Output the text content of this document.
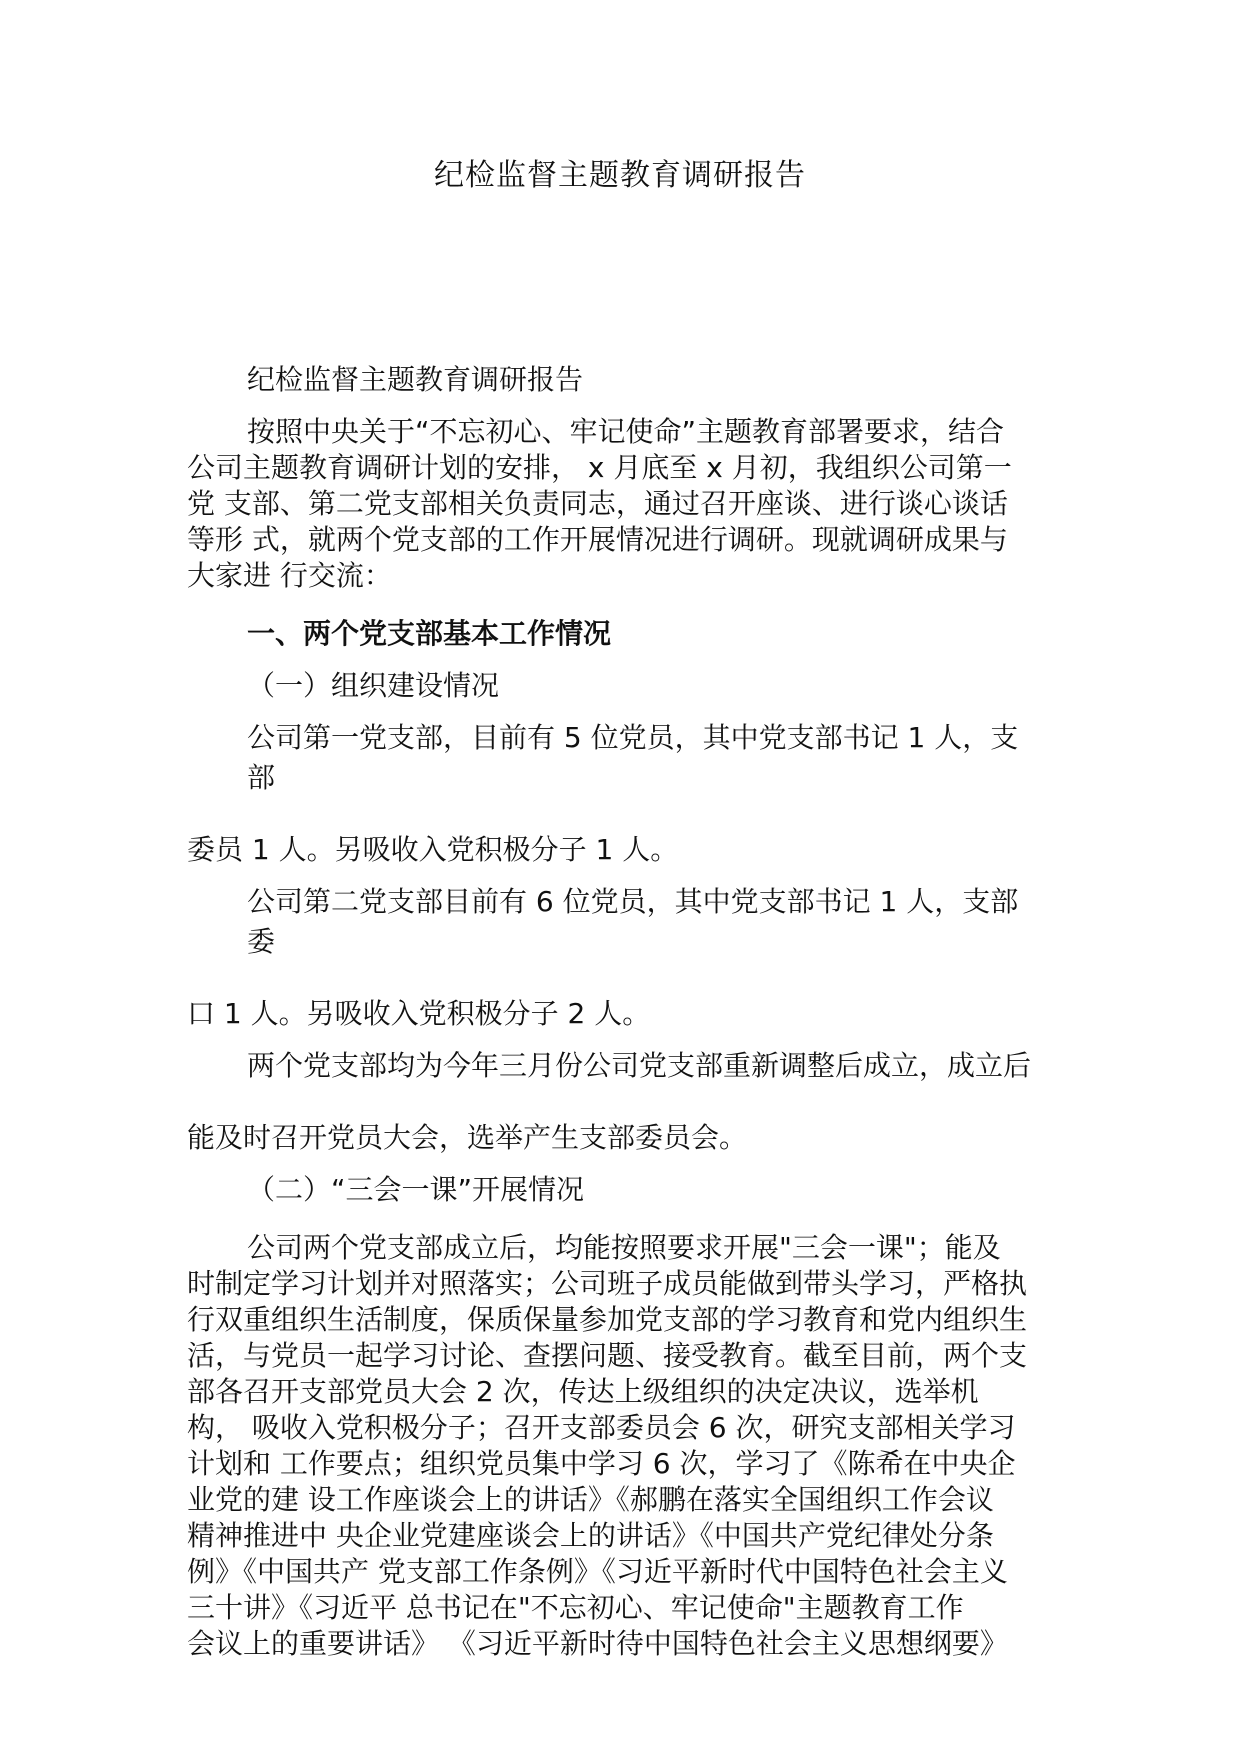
纪检监督主题教育调研报告
纪检监督主题教育调研报告
按照中央关于“不忘初心、牢记使命”主题教育部署要求，结合
公司主题教育调研计划的安排， x 月底至 x 月初，我组织公司第一
党 支部、第二党支部相关负责同志，通过召开座谈、进行谈心谈话
等形 式，就两个党支部的工作开展情况进行调研。现就调研成果与
大家进 行交流：
一、两个党支部基本工作情况
（一）组织建设情况
公司第一党支部，目前有 5 位党员，其中党支部书记 1 人，支
部
委员 1 人。另吸收入党积极分子 1 人。
公司第二党支部目前有 6 位党员，其中党支部书记 1 人，支部
委
口 1 人。另吸收入党积极分子 2 人。
两个党支部均为今年三月份公司党支部重新调整后成立，成立后
能及时召开党员大会，选举产生支部委员会。
（二）“三会一课”开展情况
公司两个党支部成立后，均能按照要求开展"三会一课"；能及
时制定学习计划并对照落实；公司班子成员能做到带头学习，严格执
行双重组织生活制度，保质保量参加党支部的学习教育和党内组织生
活，与党员一起学习讨论、查摆问题、接受教育。截至目前，两个支
部各召开支部党员大会 2 次，传达上级组织的决定决议，选举机
构， 吸收入党积极分子；召开支部委员会 6 次，研究支部相关学习
计划和 工作要点；组织党员集中学习 6 次，学习了《陈希在中央企
业党的建 设工作座谈会上的讲话》《郝鹏在落实全国组织工作会议
精神推进中 央企业党建座谈会上的讲话》《中国共产党纪律处分条
例》《中国共产 党支部工作条例》《习近平新时代中国特色社会主义
三十讲》《习近平 总书记在"不忘初心、牢记使命"主题教育工作
会议上的重要讲话》 《习近平新时待中国特色社会主义思想纲要》
